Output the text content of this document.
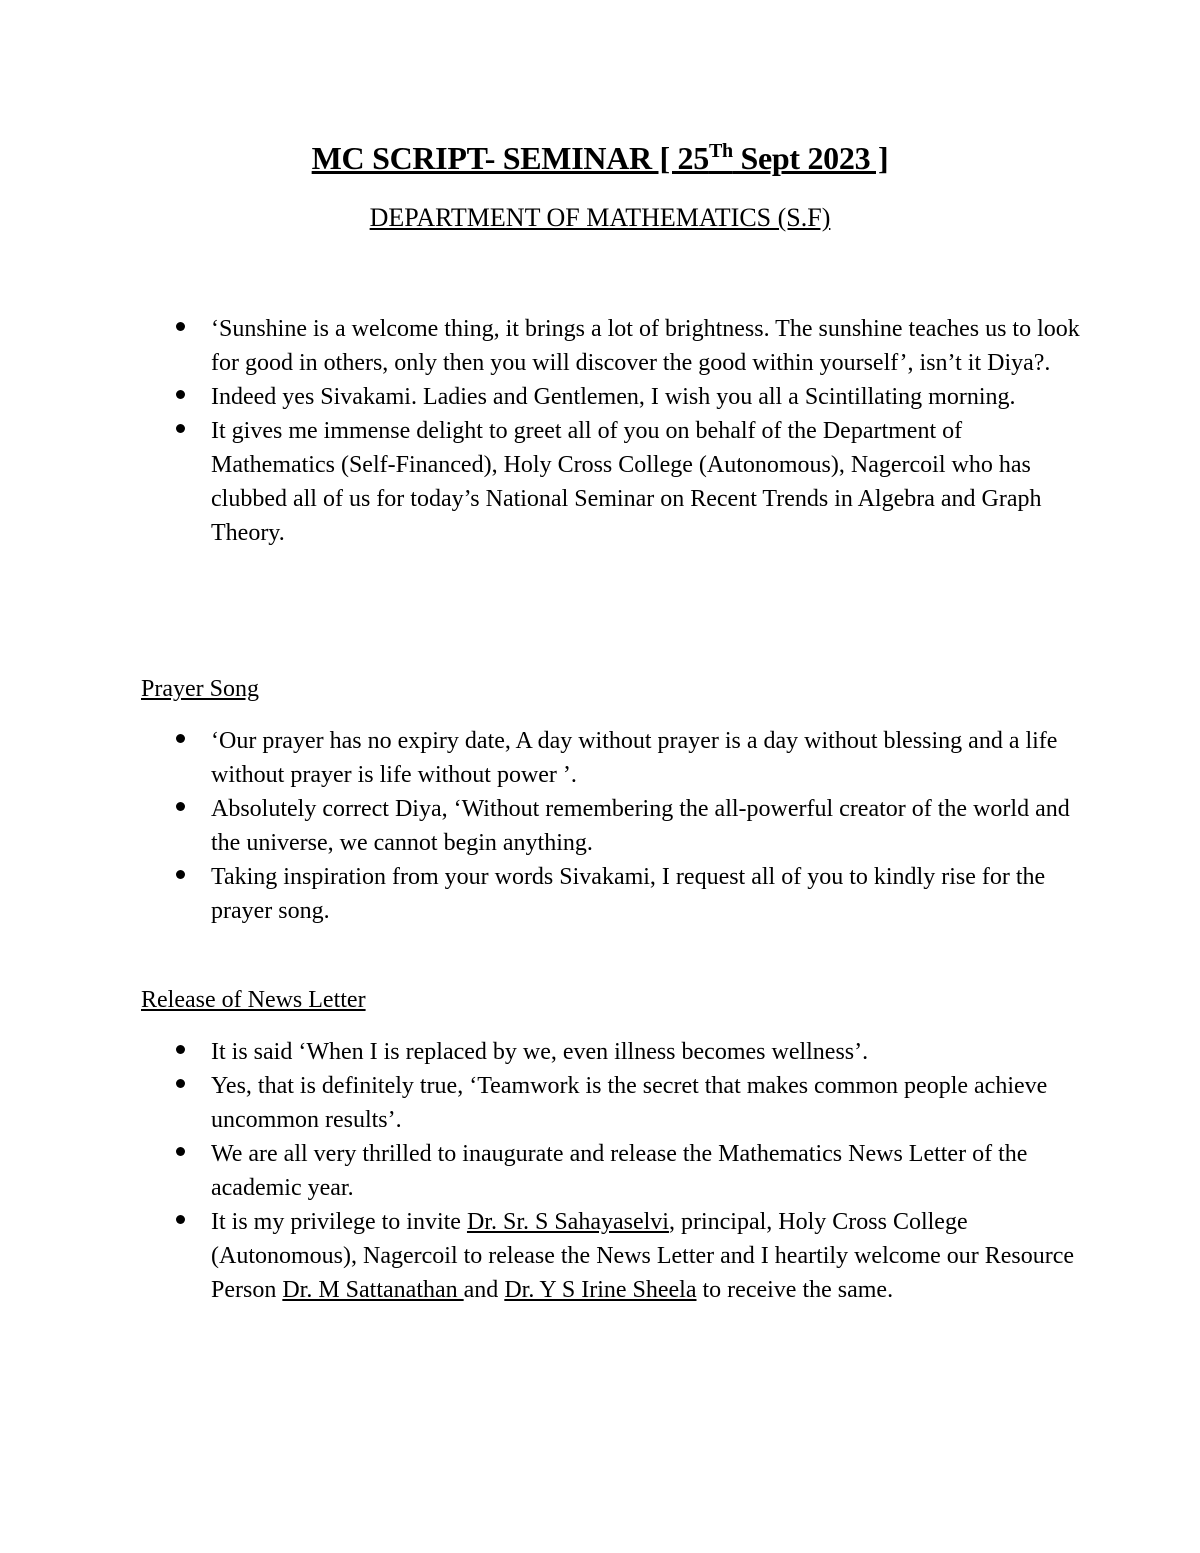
MC SCRIPT- SEMINAR [ 25Th Sept 2023 ]
DEPARTMENT OF MATHEMATICS (S.F)
‘Sunshine is a welcome thing, it brings a lot of brightness. The sunshine teaches us to look for good in others, only then you will discover the good within yourself’, isn’t it Diya?.
Indeed yes Sivakami. Ladies and Gentlemen, I wish you all a Scintillating morning.
It gives me immense delight to greet all of you on behalf of the Department of Mathematics (Self-Financed), Holy Cross College (Autonomous), Nagercoil who has clubbed all of us for today’s National Seminar on Recent Trends in Algebra and Graph Theory.
Prayer Song
‘Our prayer has no expiry date, A day without prayer is a day without blessing and a life without prayer is life without power ’.
Absolutely correct Diya, ‘Without remembering the all-powerful creator of the world and the universe, we cannot begin anything.
Taking inspiration from your words Sivakami, I request all of you to kindly rise for the prayer song.
Release of News Letter
It is said ‘When I is replaced by we, even illness becomes wellness’.
Yes, that is definitely true, ‘Teamwork is the secret that makes common people achieve uncommon results’.
We are all very thrilled to inaugurate and release the Mathematics News Letter of the academic year.
It is my privilege to invite Dr. Sr. S Sahayaselvi, principal, Holy Cross College (Autonomous), Nagercoil to release the News Letter and I heartily welcome our Resource Person Dr. M Sattanathan and Dr. Y S Irine Sheela to receive the same.
